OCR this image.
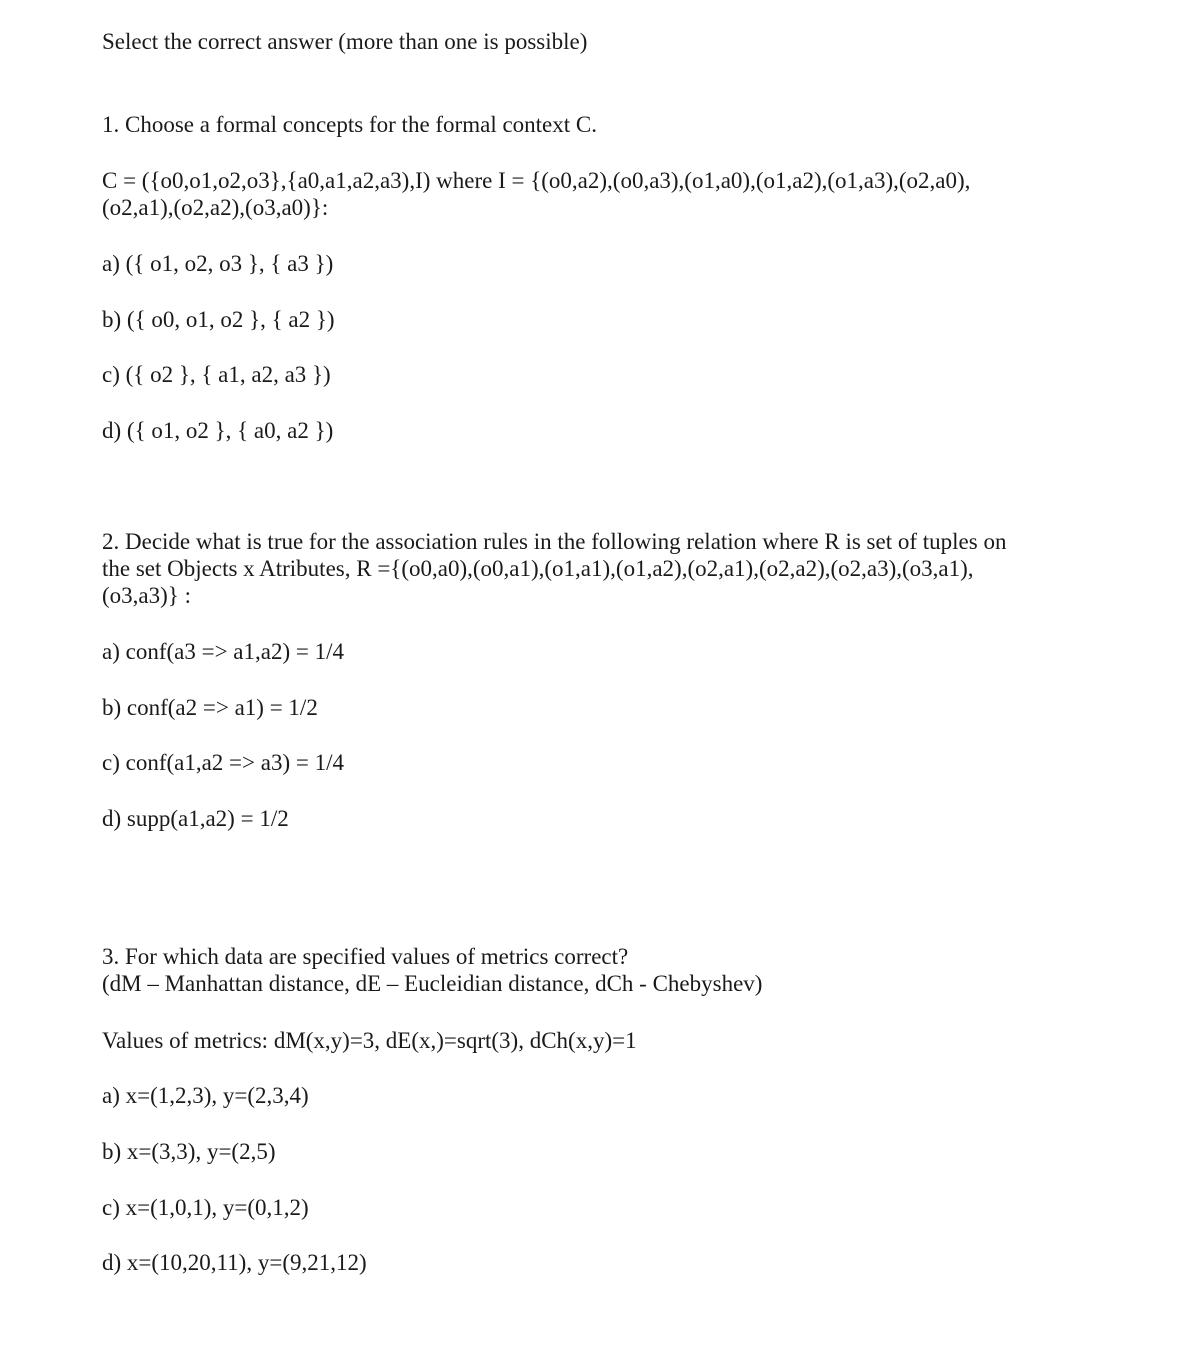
Select the correct answer (more than one is possible)
1. Choose a formal concepts for the formal context C.
C = ({o0,o1,o2,o3},{a0,a1,a2,a3),I) where I = {(o0,a2),(o0,a3),(o1,a0),(o1,a2),(o1,a3),(o2,a0),
(o2,a1),(o2,a2),(o3,a0)}:
a) ({ o1, o2, o3 }, { a3 })
b) ({ o0, o1, o2 }, { a2 })
c) ({ o2 }, { a1, a2, a3 })
d) ({ o1, o2 }, { a0, a2 })
2. Decide what is true for the association rules in the following relation where R is set of tuples on
the set Objects x Atributes, R ={(o0,a0),(o0,a1),(o1,a1),(o1,a2),(o2,a1),(o2,a2),(o2,a3),(o3,a1),
(o3,a3)} :
a) conf(a3 => a1,a2) = 1/4
b) conf(a2 => a1) = 1/2
c) conf(a1,a2 => a3) = 1/4
d) supp(a1,a2) = 1/2
3. For which data are specified values of metrics correct?
(dM – Manhattan distance, dE – Eucleidian distance, dCh - Chebyshev)
Values of metrics: dM(x,y)=3, dE(x,)=sqrt(3), dCh(x,y)=1
a) x=(1,2,3), y=(2,3,4)
b) x=(3,3), y=(2,5)
c) x=(1,0,1), y=(0,1,2)
d) x=(10,20,11), y=(9,21,12)
